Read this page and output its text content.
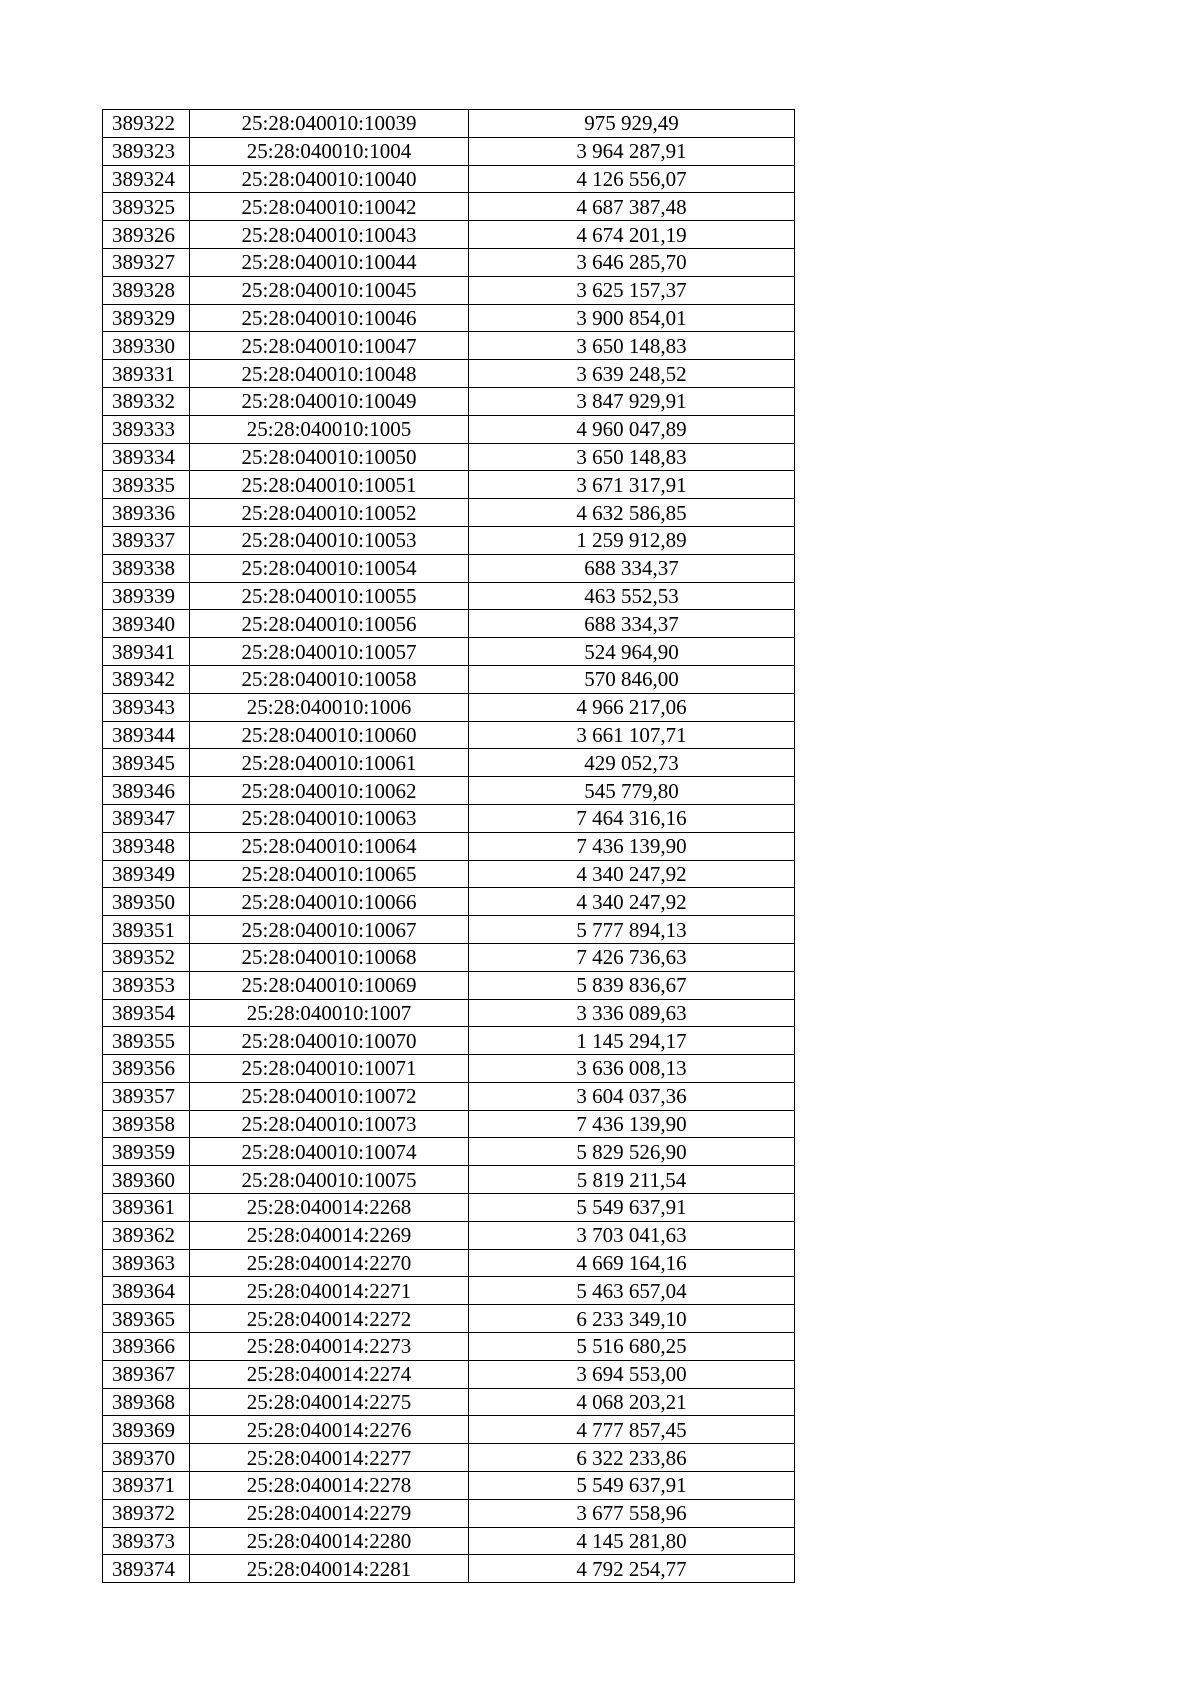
389322	25:28:040010:10039	975 929,49
389323	25:28:040010:1004	3 964 287,91
389324	25:28:040010:10040	4 126 556,07
389325	25:28:040010:10042	4 687 387,48
389326	25:28:040010:10043	4 674 201,19
389327	25:28:040010:10044	3 646 285,70
389328	25:28:040010:10045	3 625 157,37
389329	25:28:040010:10046	3 900 854,01
389330	25:28:040010:10047	3 650 148,83
389331	25:28:040010:10048	3 639 248,52
389332	25:28:040010:10049	3 847 929,91
389333	25:28:040010:1005	4 960 047,89
389334	25:28:040010:10050	3 650 148,83
389335	25:28:040010:10051	3 671 317,91
389336	25:28:040010:10052	4 632 586,85
389337	25:28:040010:10053	1 259 912,89
389338	25:28:040010:10054	688 334,37
389339	25:28:040010:10055	463 552,53
389340	25:28:040010:10056	688 334,37
389341	25:28:040010:10057	524 964,90
389342	25:28:040010:10058	570 846,00
389343	25:28:040010:1006	4 966 217,06
389344	25:28:040010:10060	3 661 107,71
389345	25:28:040010:10061	429 052,73
389346	25:28:040010:10062	545 779,80
389347	25:28:040010:10063	7 464 316,16
389348	25:28:040010:10064	7 436 139,90
389349	25:28:040010:10065	4 340 247,92
389350	25:28:040010:10066	4 340 247,92
389351	25:28:040010:10067	5 777 894,13
389352	25:28:040010:10068	7 426 736,63
389353	25:28:040010:10069	5 839 836,67
389354	25:28:040010:1007	3 336 089,63
389355	25:28:040010:10070	1 145 294,17
389356	25:28:040010:10071	3 636 008,13
389357	25:28:040010:10072	3 604 037,36
389358	25:28:040010:10073	7 436 139,90
389359	25:28:040010:10074	5 829 526,90
389360	25:28:040010:10075	5 819 211,54
389361	25:28:040014:2268	5 549 637,91
389362	25:28:040014:2269	3 703 041,63
389363	25:28:040014:2270	4 669 164,16
389364	25:28:040014:2271	5 463 657,04
389365	25:28:040014:2272	6 233 349,10
389366	25:28:040014:2273	5 516 680,25
389367	25:28:040014:2274	3 694 553,00
389368	25:28:040014:2275	4 068 203,21
389369	25:28:040014:2276	4 777 857,45
389370	25:28:040014:2277	6 322 233,86
389371	25:28:040014:2278	5 549 637,91
389372	25:28:040014:2279	3 677 558,96
389373	25:28:040014:2280	4 145 281,80
389374	25:28:040014:2281	4 792 254,77
